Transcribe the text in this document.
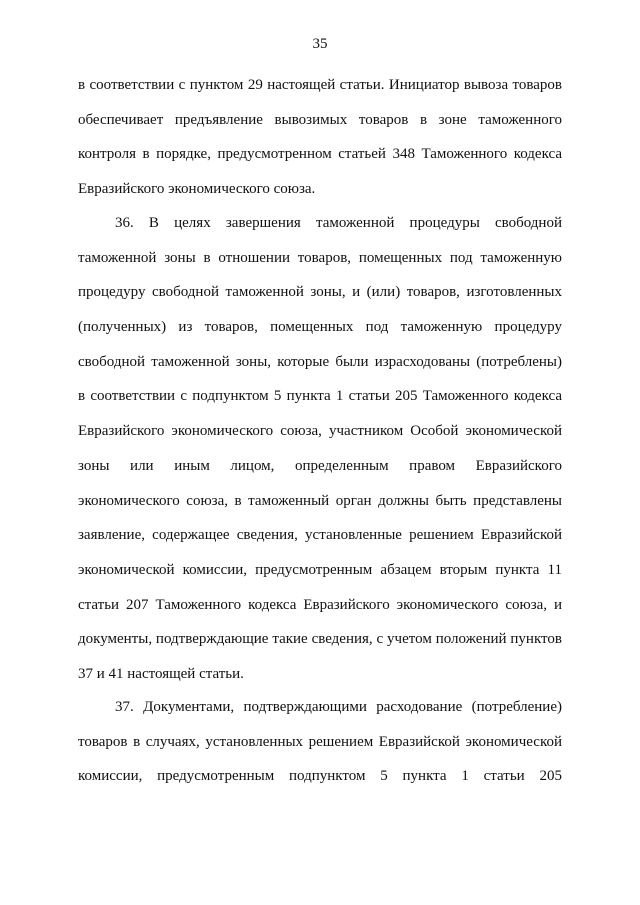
35
в соответствии с пунктом 29 настоящей статьи. Инициатор вывоза товаров
обеспечивает предъявление вывозимых товаров в зоне таможенного
контроля в порядке, предусмотренном статьей 348 Таможенного кодекса
Евразийского экономического союза.
36. В целях завершения таможенной процедуры свободной
таможенной зоны в отношении товаров, помещенных под таможенную
процедуру свободной таможенной зоны, и (или) товаров, изготовленных
(полученных) из товаров, помещенных под таможенную процедуру
свободной таможенной зоны, которые были израсходованы (потреблены)
в соответствии с подпунктом 5 пункта 1 статьи 205 Таможенного кодекса
Евразийского экономического союза, участником Особой экономической
зоны или иным лицом, определенным правом Евразийского
экономического союза, в таможенный орган должны быть представлены
заявление, содержащее сведения, установленные решением Евразийской
экономической комиссии, предусмотренным абзацем вторым пункта 11
статьи 207 Таможенного кодекса Евразийского экономического союза, и
документы, подтверждающие такие сведения, с учетом положений пунктов
37 и 41 настоящей статьи.
37. Документами, подтверждающими расходование (потребление)
товаров в случаях, установленных решением Евразийской экономической
комиссии, предусмотренным подпунктом 5 пункта 1 статьи 205
